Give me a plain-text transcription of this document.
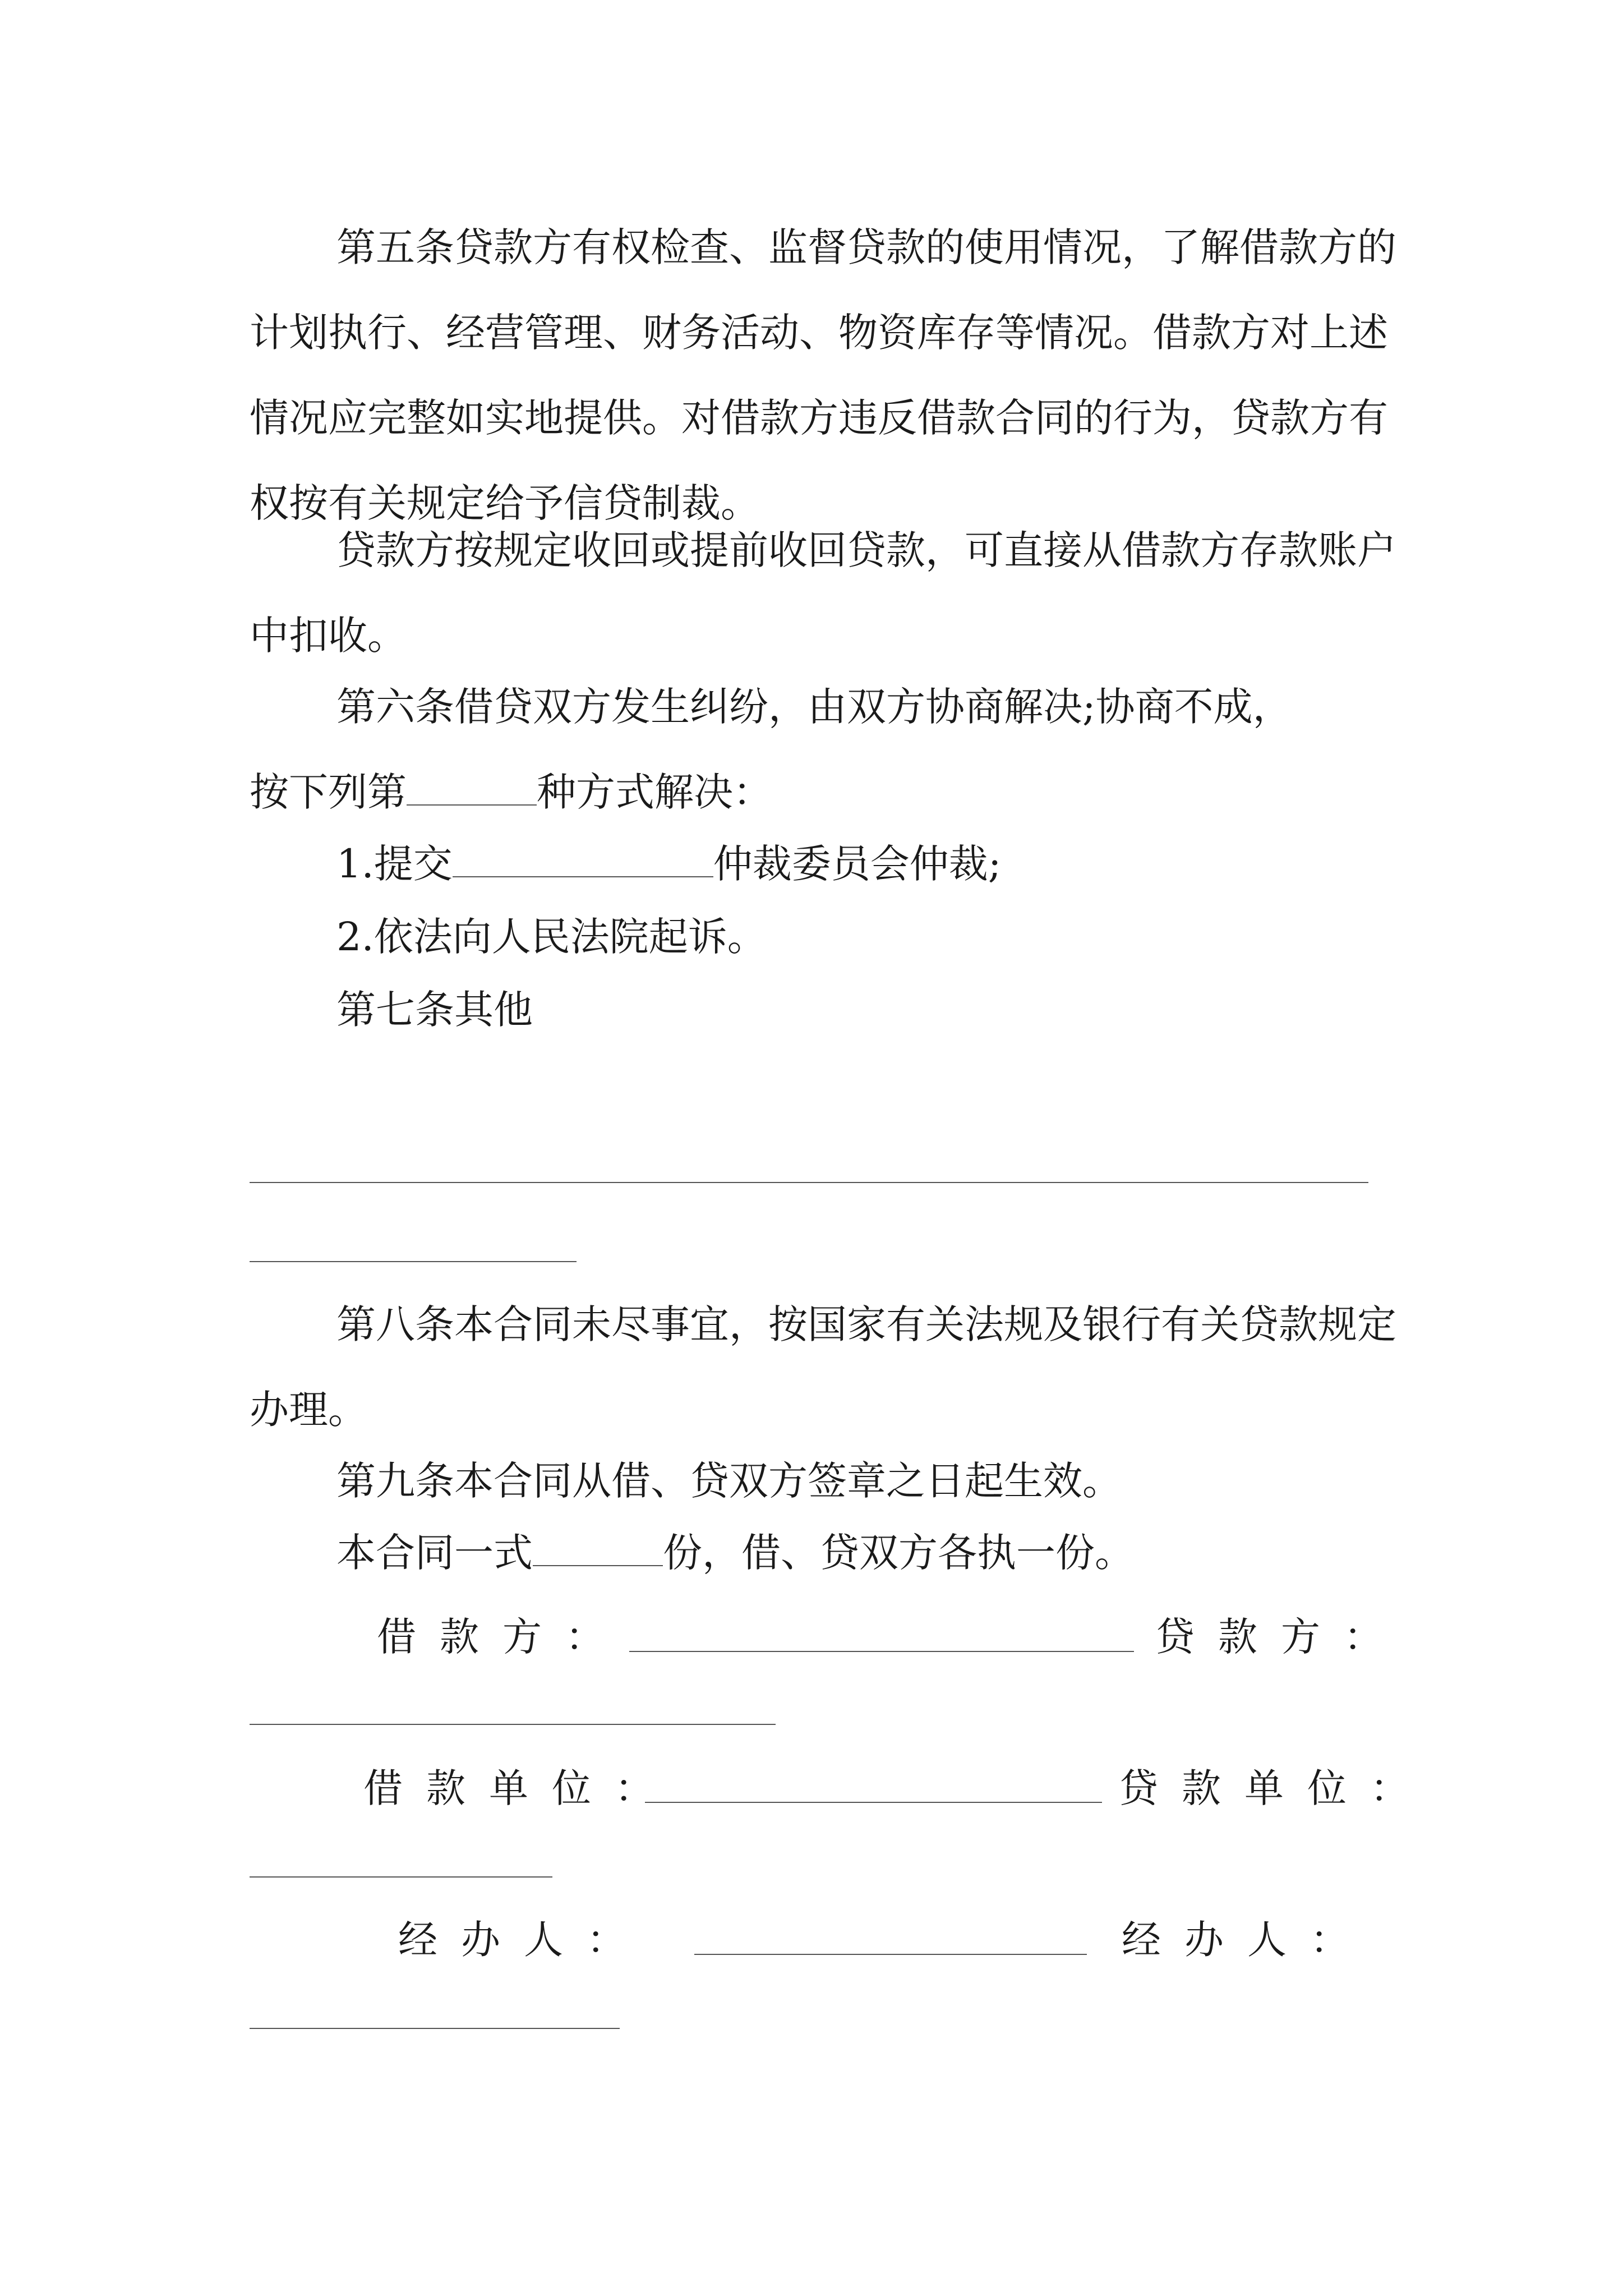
第五条贷款方有权检查、监督贷款的使用情况，了解借款方的计划执行、经营管理、财务活动、物资库存等情况。借款方对上述情况应完整如实地提供。对借款方违反借款合同的行为，贷款方有权按有关规定给予信贷制裁。

贷款方按规定收回或提前收回贷款，可直接从借款方存款账户中扣收。

第六条借贷双方发生纠纷，由双方协商解决;协商不成，

按下列第	种方式解决：

1.提交	仲裁委员会仲裁;

2.依法向人民法院起诉。

第七条其他

第八条本合同未尽事宜，按国家有关法规及银行有关贷款规定办理。

第九条本合同从借、贷双方签章之日起生效。

本合同一式	份，借、贷双方各执一份。

借款方：	贷款方：

借款单位：	贷款单位：

经办人：	经办人：
